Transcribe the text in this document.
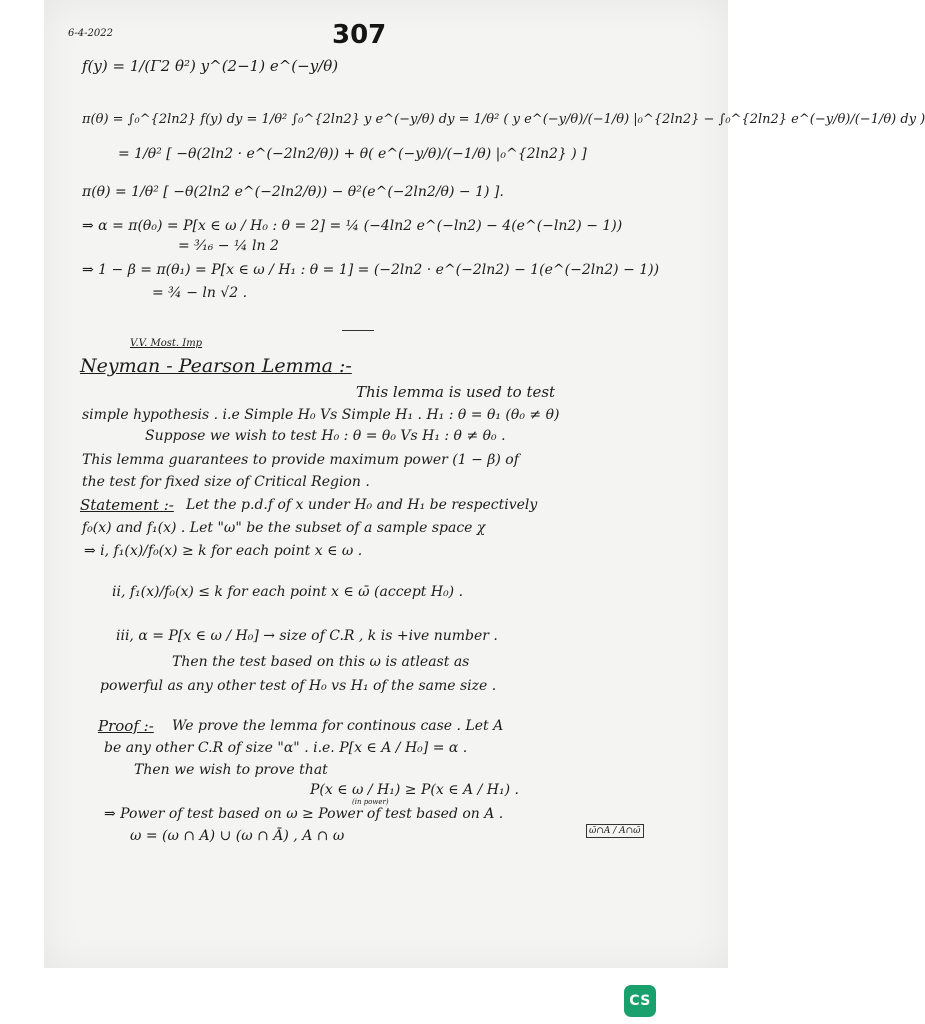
6-4-2022	307
f(y) = 1/(Γ2 θ²) y^(2−1) e^(−y/θ)
π(θ) = ∫₀^{2ln2} f(y) dy = 1/θ² ∫₀^{2ln2} y e^(−y/θ) dy = 1/θ² ( y e^(−y/θ)/(−1/θ) |₀^{2ln2} − ∫₀^{2ln2} e^(−y/θ)/(−1/θ) dy )
= 1/θ² [ −θ(2ln2 · e^(−2ln2/θ)) + θ( e^(−y/θ)/(−1/θ) |₀^{2ln2} ) ]
π(θ) = 1/θ² [ −θ(2ln2 e^(−2ln2/θ)) − θ²(e^(−2ln2/θ) − 1) ].
⇒ α = π(θ₀) = P[x ∈ ω / H₀ : θ = 2] = ¼ (−4ln2 e^(−ln2) − 4(e^(−ln2) − 1))
= ³⁄₁₆ − ¼ ln 2
⇒ 1 − β = π(θ₁) = P[x ∈ ω / H₁ : θ = 1] = (−2ln2 · e^(−2ln2) − 1(e^(−2ln2) − 1))
= ¾ − ln √2 .
V.V. Most. Imp
Neyman - Pearson Lemma :-
This lemma is used to test
simple hypothesis . i.e Simple H₀ Vs Simple H₁ . H₁ : θ = θ₁ (θ₀ ≠ θ)
Suppose we wish to test H₀ : θ = θ₀ Vs H₁ : θ ≠ θ₀ .
This lemma guarantees to provide maximum power (1 − β) of
the test for fixed size of Critical Region .
Statement :- Let the p.d.f of x under H₀ and H₁ be respectively
f₀(x) and f₁(x) . Let "ω" be the subset of a sample space χ
⇒ i, f₁(x)/f₀(x) ≥ k for each point x ∈ ω .
ii, f₁(x)/f₀(x) ≤ k for each point x ∈ ω̄ (accept H₀) .
iii, α = P[x ∈ ω / H₀] → size of C.R , k is +ive number .
Then the test based on this ω is atleast as
powerful as any other test of H₀ vs H₁ of the same size .
Proof :- We prove the lemma for continous case . Let A
be any other C.R of size "α" . i.e. P[x ∈ A / H₀] = α .
Then we wish to prove that
P(x ∈ ω / H₁) ≥ P(x ∈ A / H₁) .
(in power)
⇒ Power of test based on ω ≥ Power of test based on A .
ω = (ω ∩ A) ∪ (ω ∩ Ā) , A ∩ ω	ω̄∩A / A∩ω̄
CS
